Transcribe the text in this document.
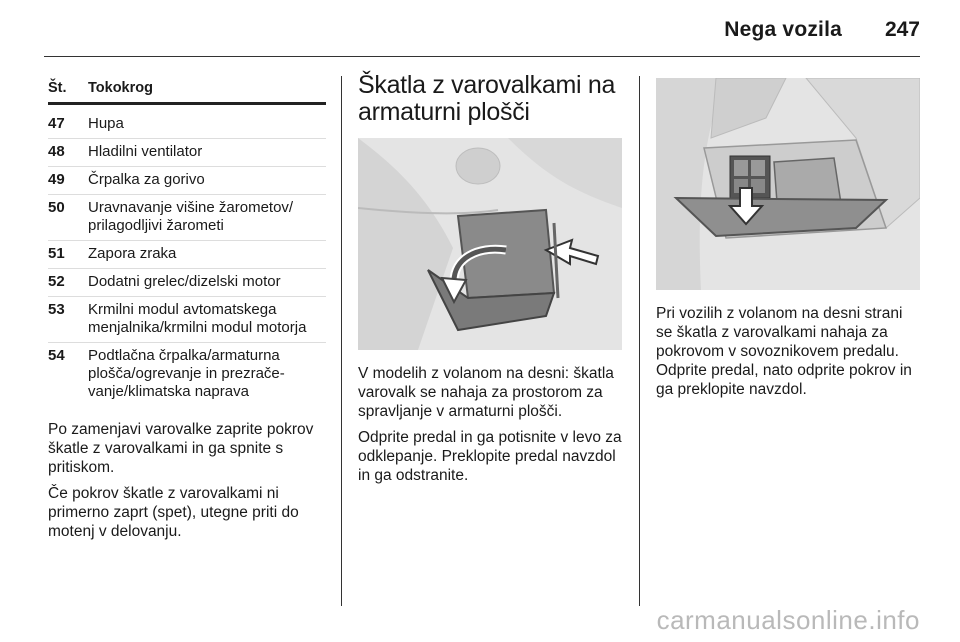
Nega vozila 247
Št.	Tokokrog
47	Hupa
48	Hladilni ventilator
49	Črpalka za gorivo
50	Uravnavanje višine žarometov/ prilagodljivi žarometi
51	Zapora zraka
52	Dodatni grelec/dizelski motor
53	Krmilni modul avtomatskega menjalnika/krmilni modul motorja
54	Podtlačna črpalka/armaturna plošča/ogrevanje in prezrače- vanje/klimatska naprava

Po zamenjavi varovalke zaprite pokrov škatle z varovalkami in ga spnite s pritiskom.

Če pokrov škatle z varovalkami ni primerno zaprt (spet), utegne priti do motenj v delovanju.

Škatla z varovalkami na armaturni plošči

V modelih z volanom na desni: škatla varovalk se nahaja za prostorom za spravljanje v armaturni plošči.

Odprite predal in ga potisnite v levo za odklepanje. Preklopite predal navzdol in ga odstranite.

Pri vozilih z volanom na desni strani se škatla z varovalkami nahaja za pokrovom v sovoznikovem predalu. Odprite predal, nato odprite pokrov in ga preklopite navzdol.

carmanualsonline.info
